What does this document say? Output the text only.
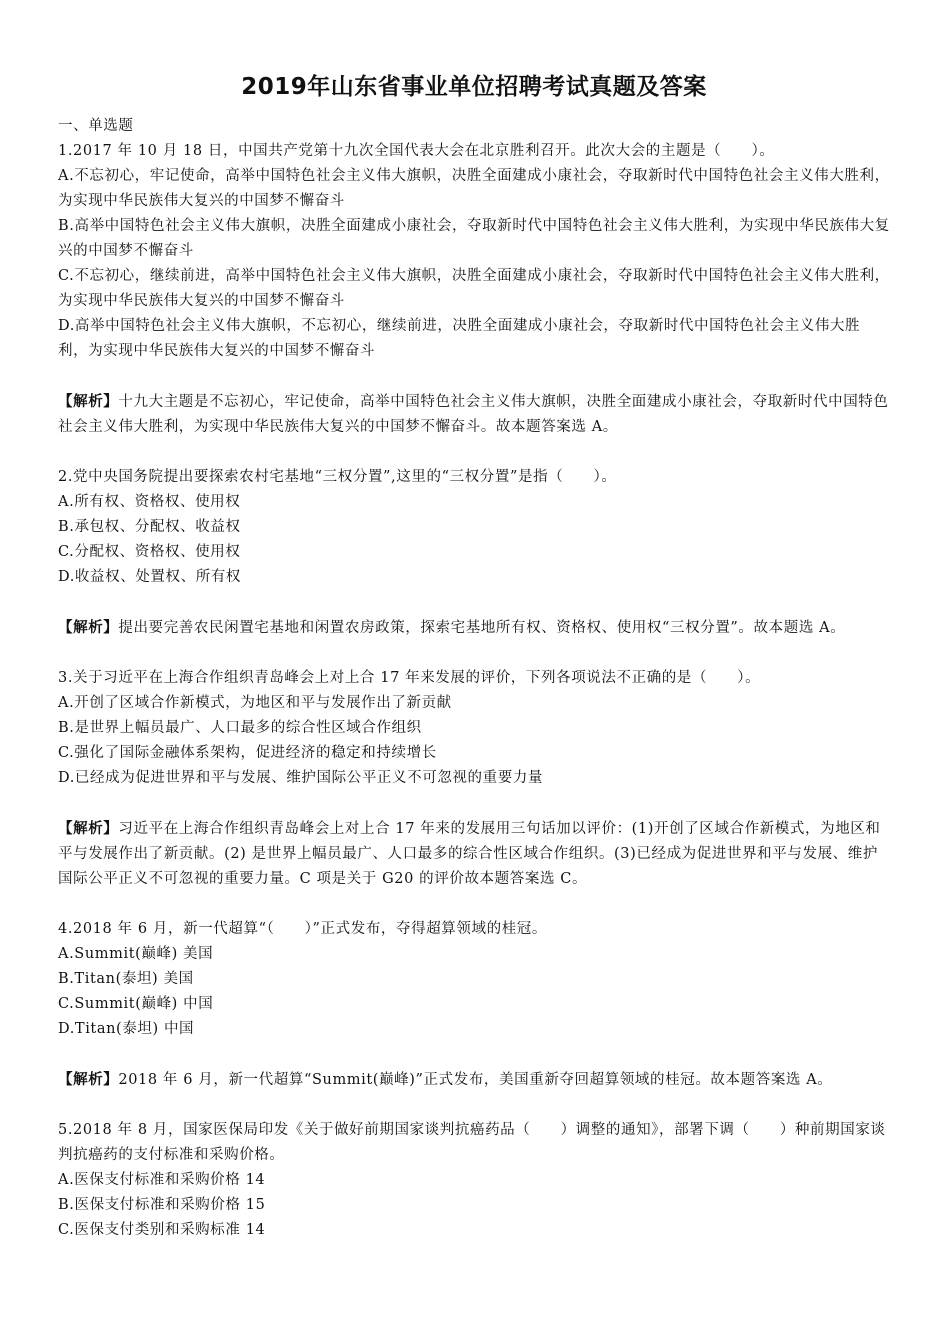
2019年山东省事业单位招聘考试真题及答案

一、单选题

1.2017 年 10 月 18 日，中国共产党第十九次全国代表大会在北京胜利召开。此次大会的主题是（　　）。

A.不忘初心，牢记使命，高举中国特色社会主义伟大旗帜，决胜全面建成小康社会，夺取新时代中国特色社会主义伟大胜利，为实现中华民族伟大复兴的中国梦不懈奋斗

B.高举中国特色社会主义伟大旗帜，决胜全面建成小康社会，夺取新时代中国特色社会主义伟大胜利，为实现中华民族伟大复兴的中国梦不懈奋斗

C.不忘初心，继续前进，高举中国特色社会主义伟大旗帜，决胜全面建成小康社会，夺取新时代中国特色社会主义伟大胜利，为实现中华民族伟大复兴的中国梦不懈奋斗

D.高举中国特色社会主义伟大旗帜，不忘初心，继续前进，决胜全面建成小康社会，夺取新时代中国特色社会主义伟大胜利，为实现中华民族伟大复兴的中国梦不懈奋斗

【解析】十九大主题是不忘初心，牢记使命，高举中国特色社会主义伟大旗帜，决胜全面建成小康社会，夺取新时代中国特色社会主义伟大胜利，为实现中华民族伟大复兴的中国梦不懈奋斗。故本题答案选 A。

2.党中央国务院提出要探索农村宅基地“三权分置”,这里的“三权分置”是指（　　）。

A.所有权、资格权、使用权

B.承包权、分配权、收益权

C.分配权、资格权、使用权

D.收益权、处置权、所有权

【解析】提出要完善农民闲置宅基地和闲置农房政策，探索宅基地所有权、资格权、使用权“三权分置”。故本题选 A。

3.关于习近平在上海合作组织青岛峰会上对上合 17 年来发展的评价，下列各项说法不正确的是（　　）。

A.开创了区域合作新模式，为地区和平与发展作出了新贡献

B.是世界上幅员最广、人口最多的综合性区域合作组织

C.强化了国际金融体系架构，促进经济的稳定和持续增长

D.已经成为促进世界和平与发展、维护国际公平正义不可忽视的重要力量

【解析】习近平在上海合作组织青岛峰会上对上合 17 年来的发展用三句话加以评价：(1)开创了区域合作新模式，为地区和平与发展作出了新贡献。(2) 是世界上幅员最广、人口最多的综合性区域合作组织。(3)已经成为促进世界和平与发展、维护国际公平正义不可忽视的重要力量。C 项是关于 G20 的评价故本题答案选 C。

4.2018 年 6 月，新一代超算“（　　）”正式发布，夺得超算领域的桂冠。

A.Summit(巅峰) 美国

B.Titan(泰坦) 美国

C.Summit(巅峰) 中国

D.Titan(泰坦) 中国

【解析】2018 年 6 月，新一代超算“Summit(巅峰)”正式发布，美国重新夺回超算领域的桂冠。故本题答案选 A。

5.2018 年 8 月，国家医保局印发《关于做好前期国家谈判抗癌药品（　　）调整的通知》，部署下调（　　）种前期国家谈判抗癌药的支付标准和采购价格。

A.医保支付标准和采购价格 14

B.医保支付标准和采购价格 15

C.医保支付类别和采购标准 14
